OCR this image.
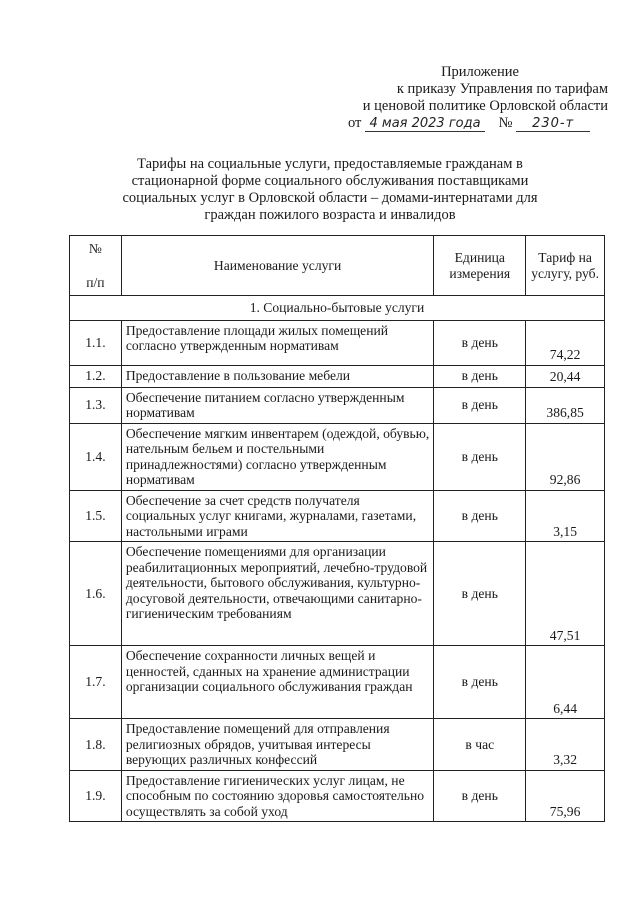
Приложение
к приказу Управления по тарифам
и ценовой политике Орловской области
от 4 мая 2023 года № 230-т
Тарифы на социальные услуги, предоставляемые гражданам в стационарной форме социального обслуживания поставщиками социальных услуг в Орловской области – домами-интернатами для граждан пожилого возраста и инвалидов
№
п/п	Наименование услуги	Единица измерения	Тариф на услугу, руб.
1. Социально-бытовые услуги			
1.1.	Предоставление площади жилых помещений согласно утвержденным нормативам	в день	74,22
1.2.	Предоставление в пользование мебели	в день	20,44
1.3.	Обеспечение питанием согласно утвержденным нормативам	в день	386,85
1.4.	Обеспечение мягким инвентарем (одеждой, обувью, нательным бельем и постельными принадлежностями) согласно утвержденным нормативам	в день	92,86
1.5.	Обеспечение за счет средств получателя социальных услуг книгами, журналами, газетами, настольными играми	в день	3,15
1.6.	Обеспечение помещениями для организации реабилитационных мероприятий, лечебно-трудовой деятельности, бытового обслуживания, культурно-досуговой деятельности, отвечающими санитарно-гигиеническим требованиям	в день	47,51
1.7.	Обеспечение сохранности личных вещей и ценностей, сданных на хранение администрации организации социального обслуживания граждан	в день	6,44
1.8.	Предоставление помещений для отправления религиозных обрядов, учитывая интересы верующих различных конфессий	в час	3,32
1.9.	Предоставление гигиенических услуг лицам, не способным по состоянию здоровья самостоятельно осуществлять за собой уход	в день	75,96
